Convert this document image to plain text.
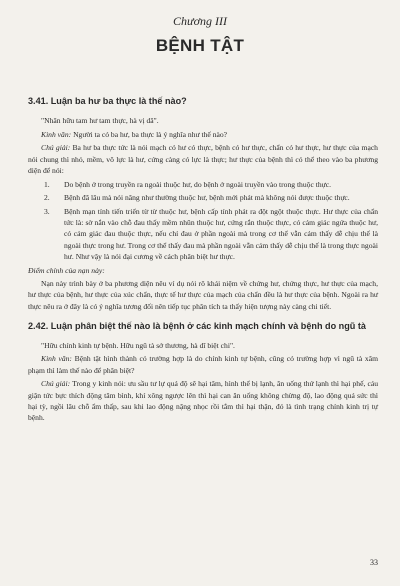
Chương III
BỆNH TẬT
3.41. Luận ba hư ba thực là thế nào?

"Nhãn hữu tam hư tam thực, hà vị dã".

Kinh văn: Người ta có ba hư, ba thực là ý nghĩa như thế nào?

Chú giải: Ba hư ba thực tức là nói mạch có hư có thực, bệnh có hư thực, chẩn có hư thực, hư thực của mạch nói chung thì nhỏ, mềm, vô lực là hư, cứng càng có lực là thực; hư thực của bệnh thì có thể theo vào ba phương diện để nói:

1. Do bệnh ở trong truyền ra ngoài thuộc hư, do bệnh ở ngoài truyền vào trong thuộc thực.
2. Bệnh đã lâu mà nói năng như thường thuộc hư, bệnh mới phát mà không nói được thuộc thực.
3. Bệnh mạn tính tiến triển từ từ thuộc hư, bệnh cấp tính phát ra đột ngột thuộc thực. Hư thực của chẩn tức là: sờ nắn vào chỗ đau thấy mềm nhũn thuộc hư, cứng rắn thuộc thực, có cảm giác ngứa thuộc hư, có cảm giác đau thuộc thực, nếu chỉ đau ở phần ngoài mà trong cơ thể vẫn cảm thấy dễ chịu thế là ngoài thực trong hư. Trong cơ thể thấy đau mà phần ngoài vẫn cảm thấy dễ chịu thế là trong thực ngoài hư. Như vậy là nói đại cương về cách phân biệt hư thực.
Điểm chính của nạn này:

Nạn này trình bày ở ba phương diện nêu ví dụ nói rõ khái niệm về chứng hư, chứng thực, hư thực của mạch, hư thực của bệnh, hư thực của xúc chẩn, thực tế hư thực của mạch của chẩn đều là hư thực của bệnh. Ngoài ra hư thực nêu ra ở đây là có ý nghĩa tương đối nên tiếp tục phân tích ta thấy hiện tượng này càng chi tiết.

2.42. Luận phân biệt thế nào là bệnh ở các kinh mạch chính và bệnh do ngũ tà

"Hữu chính kinh tự bệnh. Hữu ngũ tà sở thương, hà dĩ biệt chi".

Kinh văn: Bệnh tật hình thành có trường hợp là do chính kinh tự bệnh, cũng có trường hợp vì ngũ tà xâm phạm thì làm thế nào để phân biệt?

Chú giải: Trong y kinh nói: ưu sầu tư lự quá độ sẽ hại tâm, hình thể bị lạnh, ăn uống thứ lạnh thì hại phế, cáu giận tức bực thích động tâm bình, khí xông ngược lên thì hại can ăn uống không chừng độ, lao động quá sức thì hại tỳ, ngồi lâu chỗ ẩm thấp, sau khi lao động nặng nhọc rồi tắm thì hại thận, đó là tình trạng chính kinh trị tự bệnh.

33
